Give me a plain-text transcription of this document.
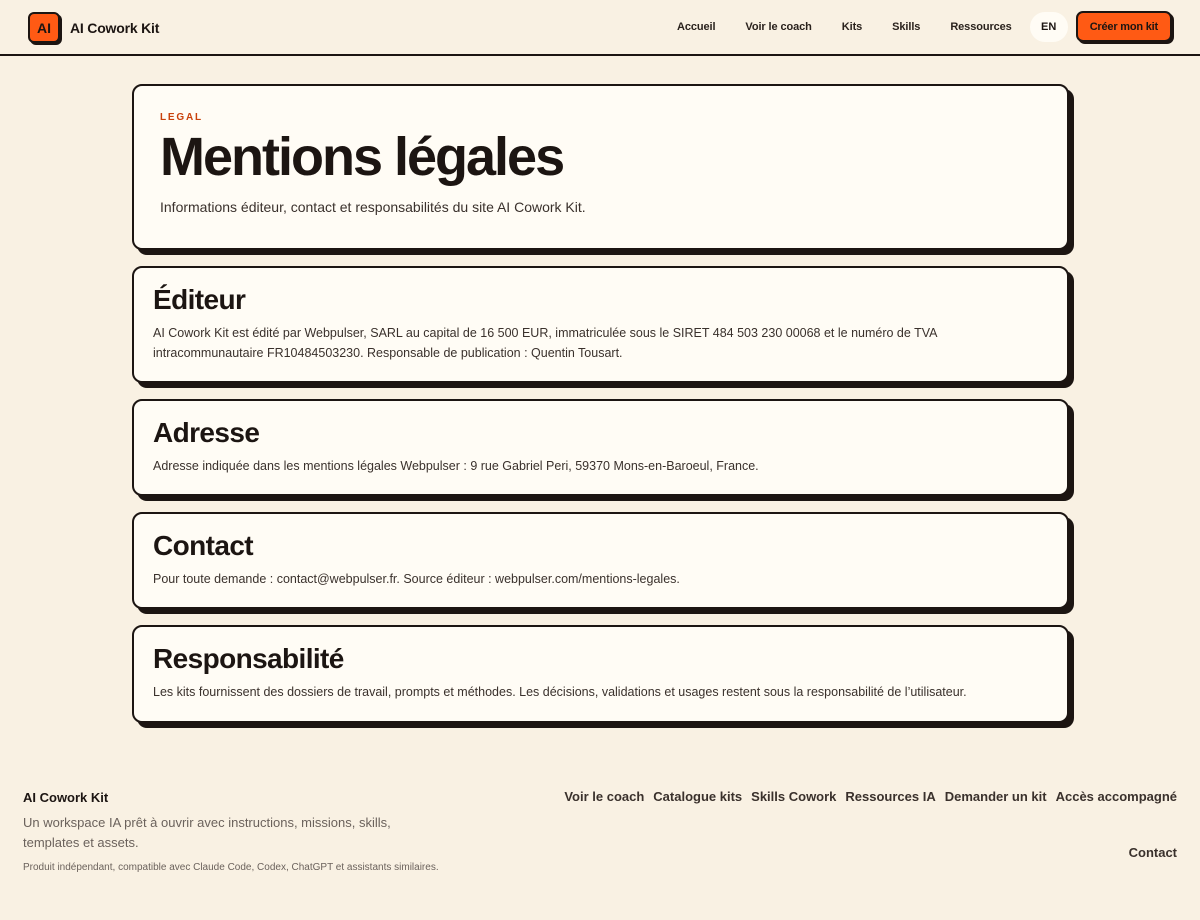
AI	AI Cowork Kit	Accueil	Voir le coach	Kits	Skills	Ressources	EN	Créer mon kit
LEGAL
Mentions légales

Informations éditeur, contact et responsabilités du site AI Cowork Kit.

Éditeur

AI Cowork Kit est édité par Webpulser, SARL au capital de 16 500 EUR, immatriculée sous le SIRET 484 503 230 00068 et le numéro de TVA intracommunautaire FR10484503230. Responsable de publication : Quentin Tousart.

Adresse

Adresse indiquée dans les mentions légales Webpulser : 9 rue Gabriel Peri, 59370 Mons-en-Baroeul, France.

Contact

Pour toute demande : contact@webpulser.fr. Source éditeur : webpulser.com/mentions-legales.

Responsabilité

Les kits fournissent des dossiers de travail, prompts et méthodes. Les décisions, validations et usages restent sous la responsabilité de l’utilisateur.

AI Cowork Kit

Un workspace IA prêt à ouvrir avec instructions, missions, skills, templates et assets.

Produit indépendant, compatible avec Claude Code, Codex, ChatGPT et assistants similaires.

Voir le coach Catalogue kits Skills Cowork Ressources IA Demander un kit Accès accompagné
Contact
